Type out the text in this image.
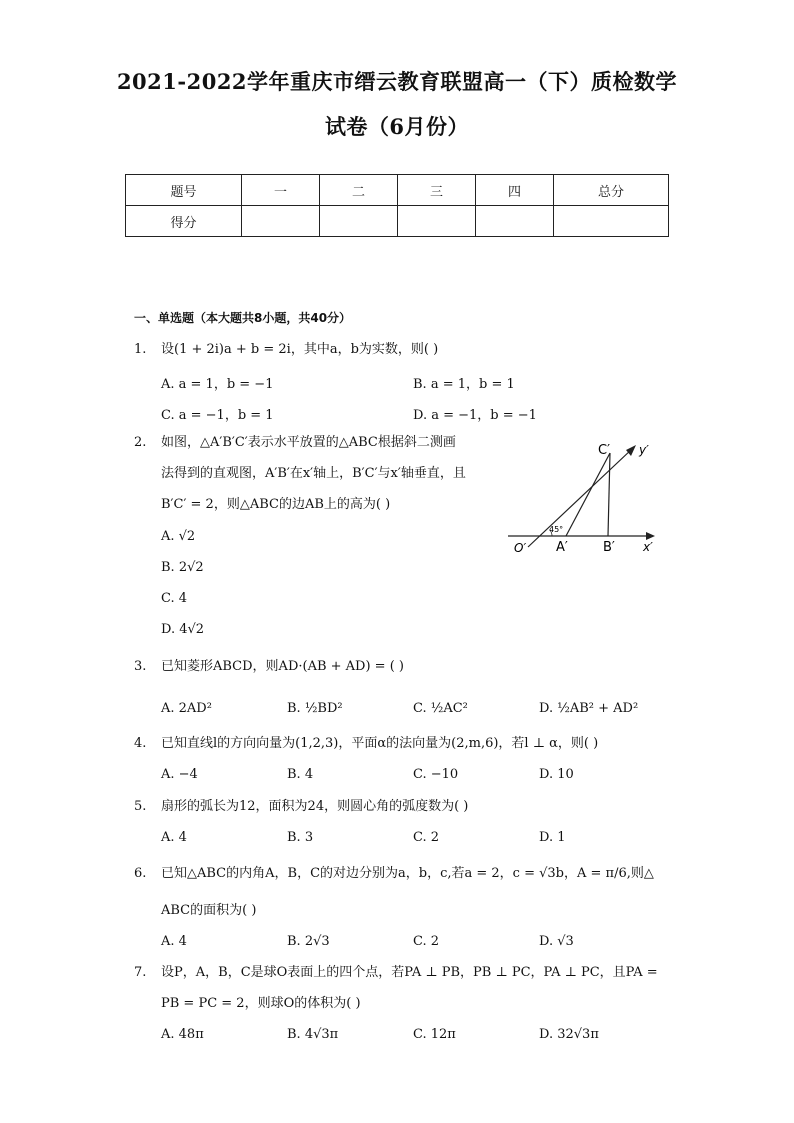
2021-2022学年重庆市缙云教育联盟高一（下）质检数学
试卷（6月份）
题号	一	二	三	四	总分
得分					
一、单选题（本大题共8小题，共40分）
1. 设(1 + 2i)a + b = 2i，其中a，b为实数，则( )
A. a = 1，b = −1	B. a = 1，b = 1
C. a = −1，b = 1	D. a = −1，b = −1
2. 如图，△A′B′C′表示水平放置的△ABC根据斜二测画
法得到的直观图，A′B′在x′轴上，B′C′与x′轴垂直，且
B′C′ = 2，则△ABC的边AB上的高为( )
A. √2
B. 2√2
C. 4
D. 4√2
C′ y′
45°
O′ A′	B′ x′
3. 已知菱形ABCD，则AD·(AB + AD) = ( )
A. 2AD²	B. ½BD²	C. ½AC²	D. ½AB² + AD²
4. 已知直线l的方向向量为(1,2,3)，平面α的法向量为(2,m,6)，若l ⊥ α，则( )
A. −4	B. 4	C. −10	D. 10
5. 扇形的弧长为12，面积为24，则圆心角的弧度数为( )
A. 4	B. 3	C. 2	D. 1
6. 已知△ABC的内角A，B，C的对边分别为a，b，c,若a = 2，c = √3b，A = π/6,则△
ABC的面积为( )
A. 4	B. 2√3	C. 2	D. √3
7. 设P，A，B，C是球O表面上的四个点，若PA ⊥ PB，PB ⊥ PC，PA ⊥ PC，且PA =
PB = PC = 2，则球O的体积为( )
A. 48π	B. 4√3π	C. 12π	D. 32√3π
